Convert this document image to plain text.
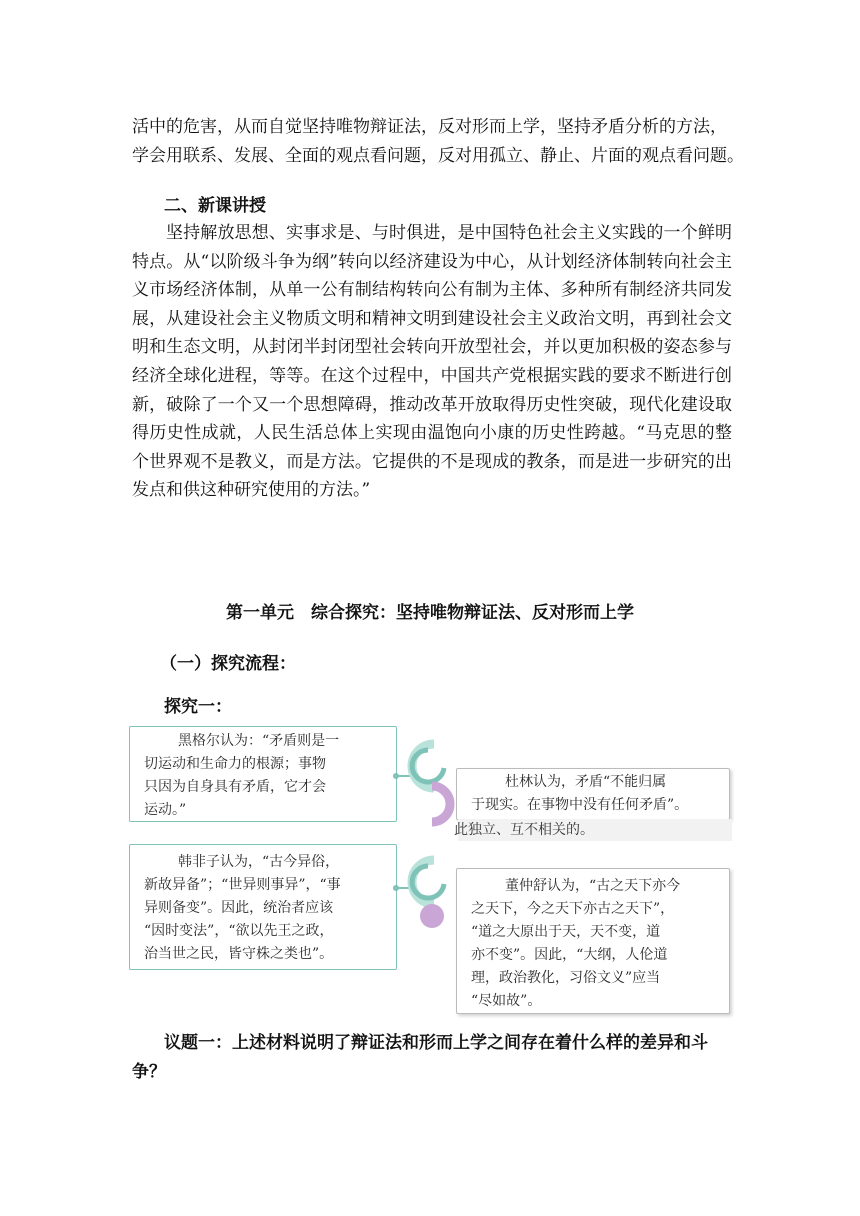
活中的危害，从而自觉坚持唯物辩证法，反对形而上学，坚持矛盾分析的方法，
学会用联系、发展、全面的观点看问题，反对用孤立、静止、片面的观点看问题。
二、新课讲授
坚持解放思想、实事求是、与时俱进，是中国特色社会主义实践的一个鲜明特点。从“以阶级斗争为纲”转向以经济建设为中心，从计划经济体制转向社会主义市场经济体制，从单一公有制结构转向公有制为主体、多种所有制经济共同发展，从建设社会主义物质文明和精神文明到建设社会主义政治文明，再到社会文明和生态文明，从封闭半封闭型社会转向开放型社会，并以更加积极的姿态参与经济全球化进程，等等。在这个过程中，中国共产党根据实践的要求不断进行创新，破除了一个又一个思想障碍，推动改革开放取得历史性突破，现代化建设取得历史性成就，人民生活总体上实现由温饱向小康的历史性跨越。“马克思的整个世界观不是教义，而是方法。它提供的不是现成的教条，而是进一步研究的出发点和供这种研究使用的方法。”
第一单元　综合探究：坚持唯物辩证法、反对形而上学
（一）探究流程：
探究一：
黑格尔认为：“矛盾则是一
切运动和生命力的根源；事物
只因为自身具有矛盾，它才会
运动。”
杜林认为，矛盾“不能归属
于现实。在事物中没有任何矛盾”。
此独立、互不相关的。
韩非子认为，“古今异俗，
新故异备”；“世异则事异”，“事
异则备变”。因此，统治者应该
“因时变法”，“欲以先王之政，
治当世之民，皆守株之类也”。
董仲舒认为，“古之天下亦今
之天下，今之天下亦古之天下”，
“道之大原出于天，天不变，道
亦不变”。因此，“大纲，人伦道
理，政治教化，习俗文义”应当
“尽如故”。
议题一：上述材料说明了辩证法和形而上学之间存在着什么样的差异和斗
争？
